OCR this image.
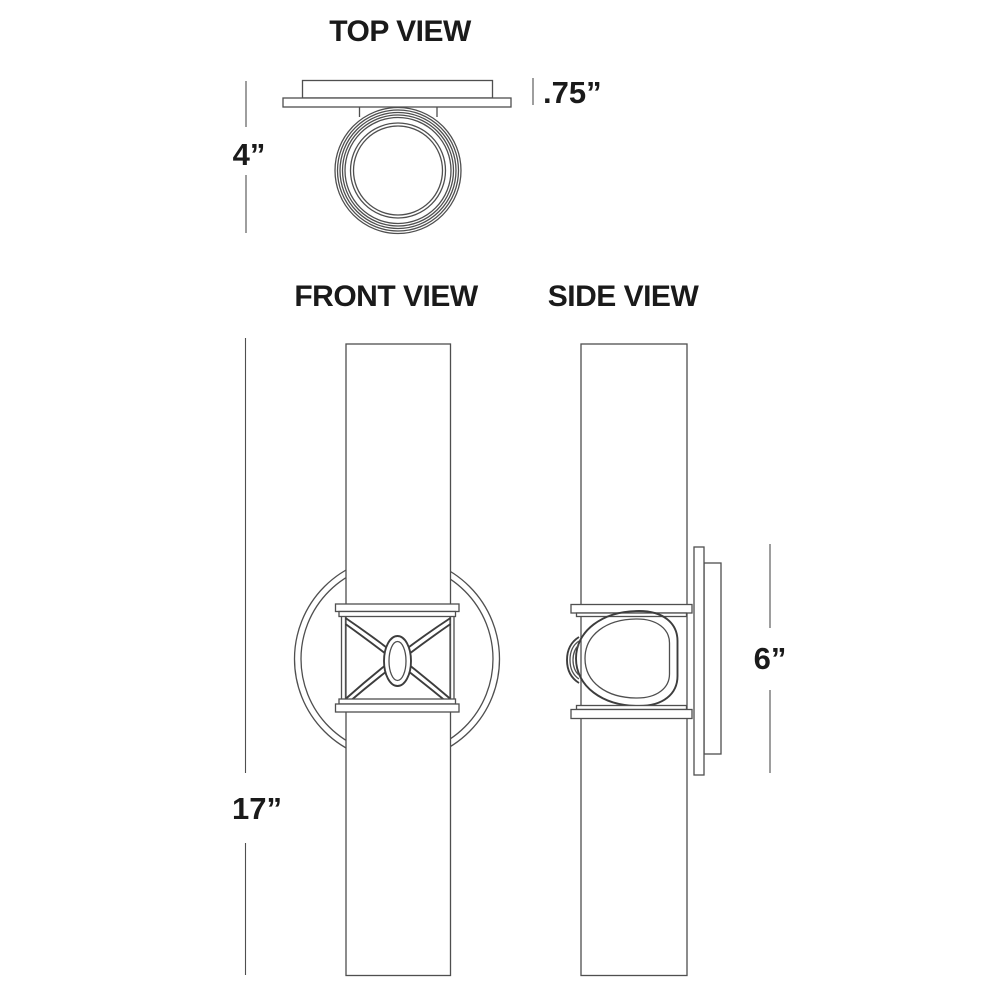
TOP VIEW
4”
.75”
FRONT VIEW
17”
SIDE VIEW
6”
